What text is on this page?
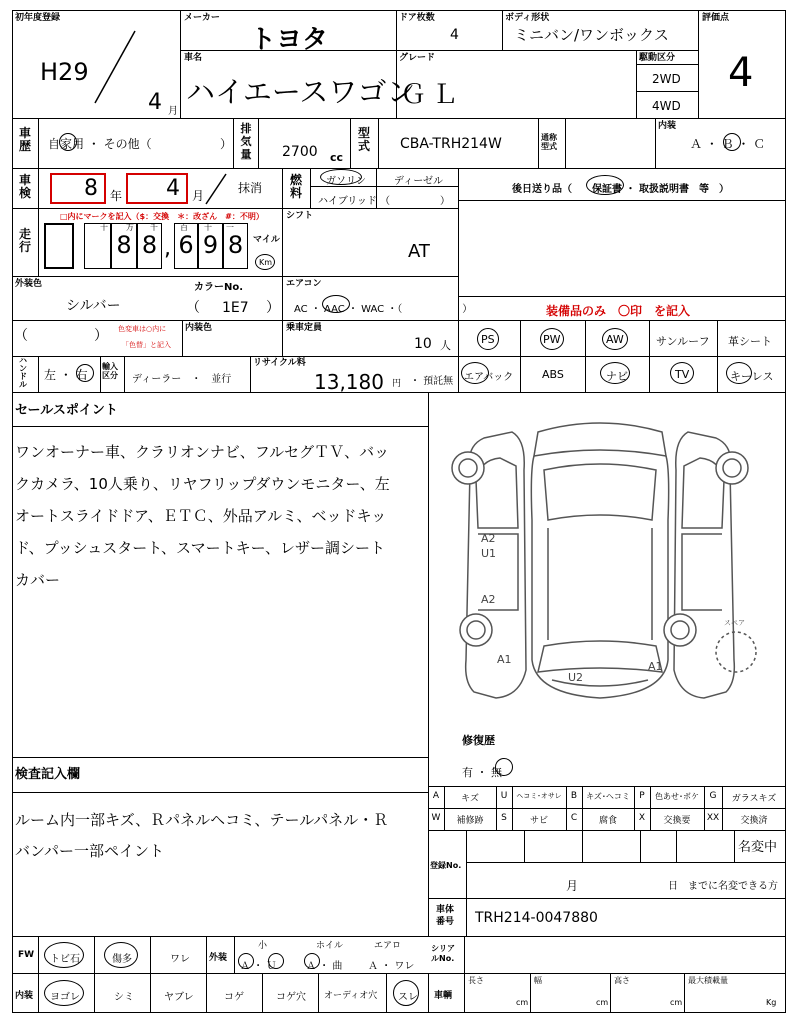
初年度登録
H29
4 月
メーカー
トヨタ
ドア枚数
4
ボディ形状
ミニバン/ワンボックス
評価点
4
車名
ハイエースワゴン
グレード
ＧＬ
駆動区分
2WD
4WD
車歴 自家用 ・ その他（	）
排気量 2700 cc
型式 CBA-TRH214W	通称型式
内装
Ａ ・ Ｂ ・ Ｃ
車検 8 年 4 月
抹消
燃料
ガソリン	ディーゼル
ハイブリッド （　　　　　）
後日送り品（ 保証書 ・ 取扱説明書　等　）
走行
□内にマークを記入（$：交換　＊：改ざん　#：不明）
十 万 千	百 十 一
8 8 , 6 9 8	マイル
Km
シフト
AT
外装色
シルバー
カラーNo.
（ 1E7 ）
エアコン
AC ・ AAC ・ WAC ・（　　　　　　）	装備品のみ　〇印　を記入
（	） 色変車は○内に
「色替」と記入
内装色	乗車定員
10 人	PS	PW	AW	サンルーフ 革シート
エアバック	ABS	ナビ	TV	キーレス
ハンドル
左 ・ 右
輸入区分	ディーラー　・　並行
リサイクル料
13,180 円 ・ 預託無
セールスポイント
ワンオーナー車、クラリオンナビ、フルセグＴＶ、バッ
クカメラ、10人乗り、リヤフリップダウンモニター、左
オートスライドドア、ＥＴＣ、外品アルミ、ベッドキッ
ド、プッシュスタート、スマートキー、レザー調シート
カバー
A2
U1
A2
A1
U2
A1
スペア
修復歴
有 ・ 無
A	キズ	U	ヘコミ･オサレ	B	キズ･ヘコミ	P	色あせ･ボケ	G	ガラスキズ
W	補修跡	S	サビ	C	腐食	X	交換要	XX	交換済
検査記入欄
ルーム内一部キズ、Ｒパネルヘコミ、テールパネル・Ｒ
バンパー一部ペイント
登録No.
名変中
月	日　までに名変できる方
車体番号	TRH214-0047880
FW トビ石	傷多	ワレ 外装
小
Ａ ・ Ｕ
ホイル
Ａ ・ 曲
エアロ
Ａ ・ ワレ
シリアルNo.
内装 ヨゴレ	シミ	ヤブレ	コゲ	コゲ穴 オーディオ穴 スレ 車輌
長さ
cm
幅
cm
高さ
cm
最大積載量
Kg
